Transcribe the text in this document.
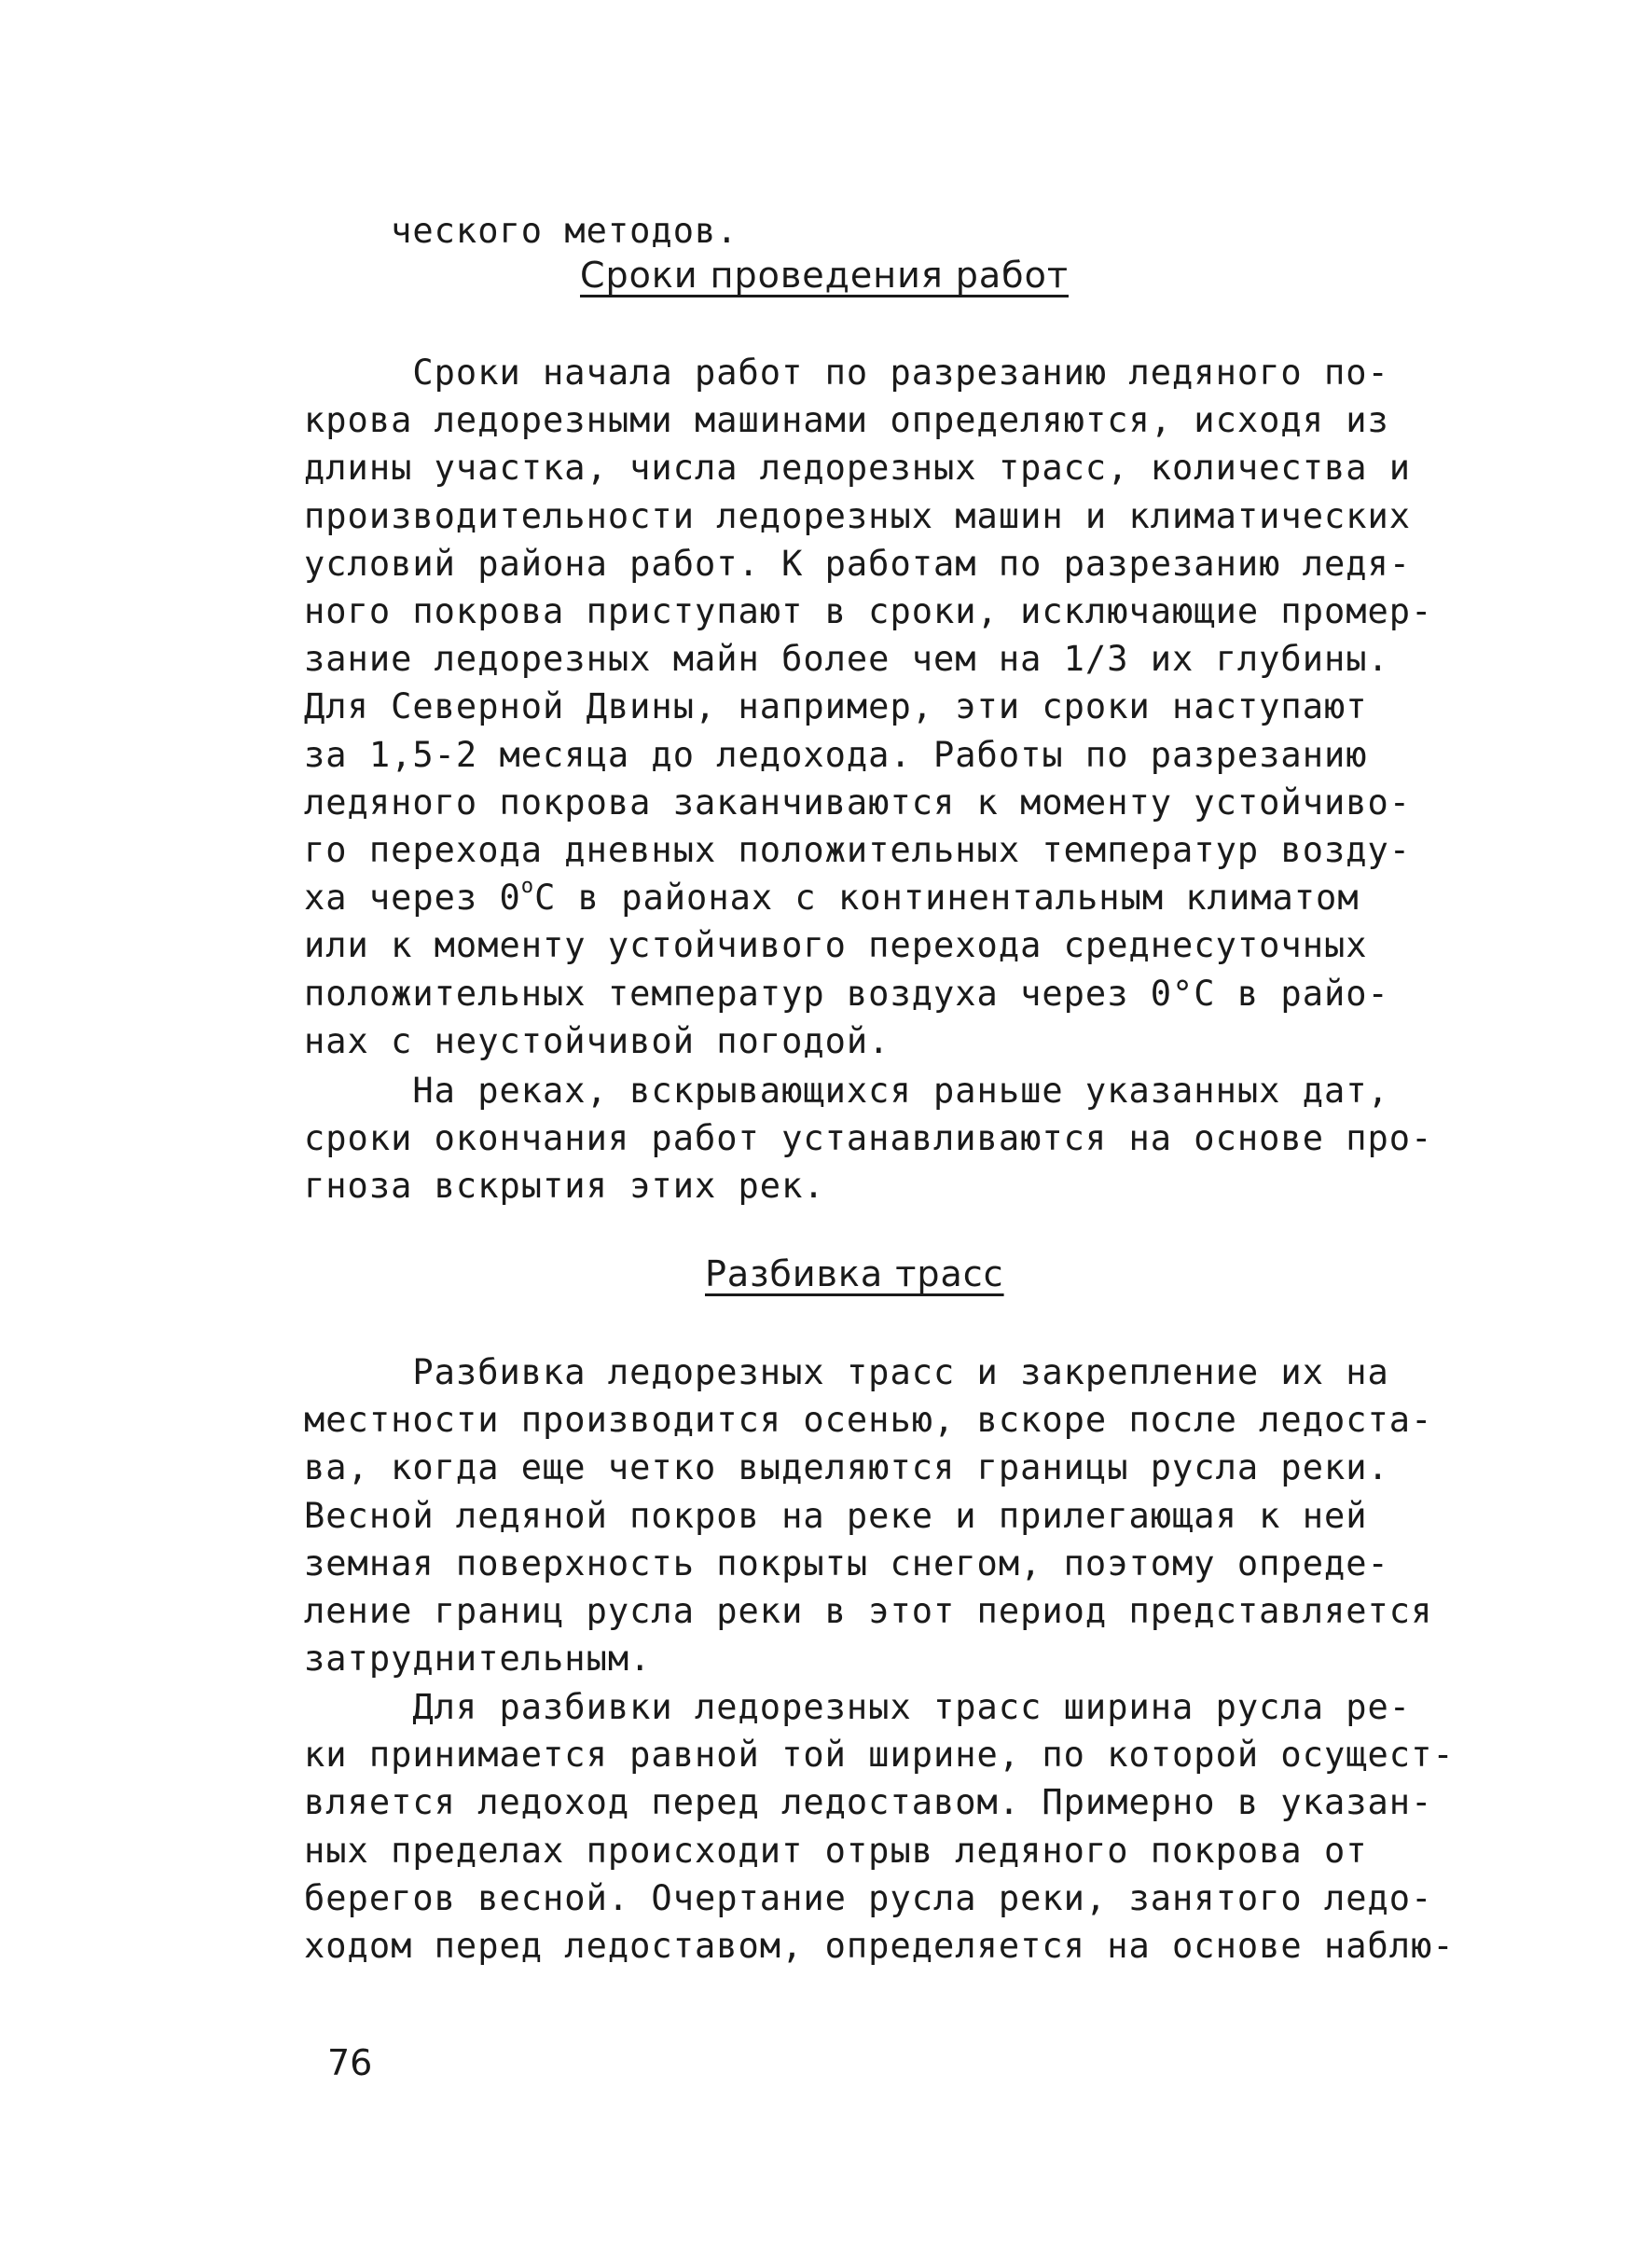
ческого методов.

Сроки проведения работ
Сроки начала работ по разрезанию ледяного по-
крова ледорезными машинами определяются, исходя из
длины участка, числа ледорезных трасс, количества и
производительности ледорезных машин и климатических
условий района работ. К работам по разрезанию ледя-
ного покрова приступают в сроки, исключающие промер-
зание ледорезных майн более чем на 1/3 их глубины.
Для Северной Двины, например, эти сроки наступают
за 1,5-2 месяца до ледохода. Работы по разрезанию
ледяного покрова заканчиваются к моменту устойчиво-
го перехода дневных положительных температур возду-
ха через $0^оС$ в районах с континентальным климатом
или к моменту устойчивого перехода среднесуточных
положительных температур воздуха через 0°С в райо-
нах с неустойчивой погодой.
На реках, вскрывающихся раньше указанных дат,
сроки окончания работ устанавливаются на основе про-
гноза вскрытия этих рек.
Разбивка трасс
Разбивка ледорезных трасс и закрепление их на
местности производится осенью, вскоре после ледоста-
ва, когда еще четко выделяются границы русла реки.
Весной ледяной покров на реке и прилегающая к ней
земная поверхность покрыты снегом, поэтому опреде-
ление границ русла реки в этот период представляется
затруднительным.
Для разбивки ледорезных трасс ширина русла ре-
ки принимается равной той ширине, по которой осущест-
вляется ледоход перед ледоставом. Примерно в указан-
ных пределах происходит отрыв ледяного покрова от
берегов весной. Очертание русла реки, занятого ледо-
ходом перед ледоставом, определяется на основе наблю-
76
